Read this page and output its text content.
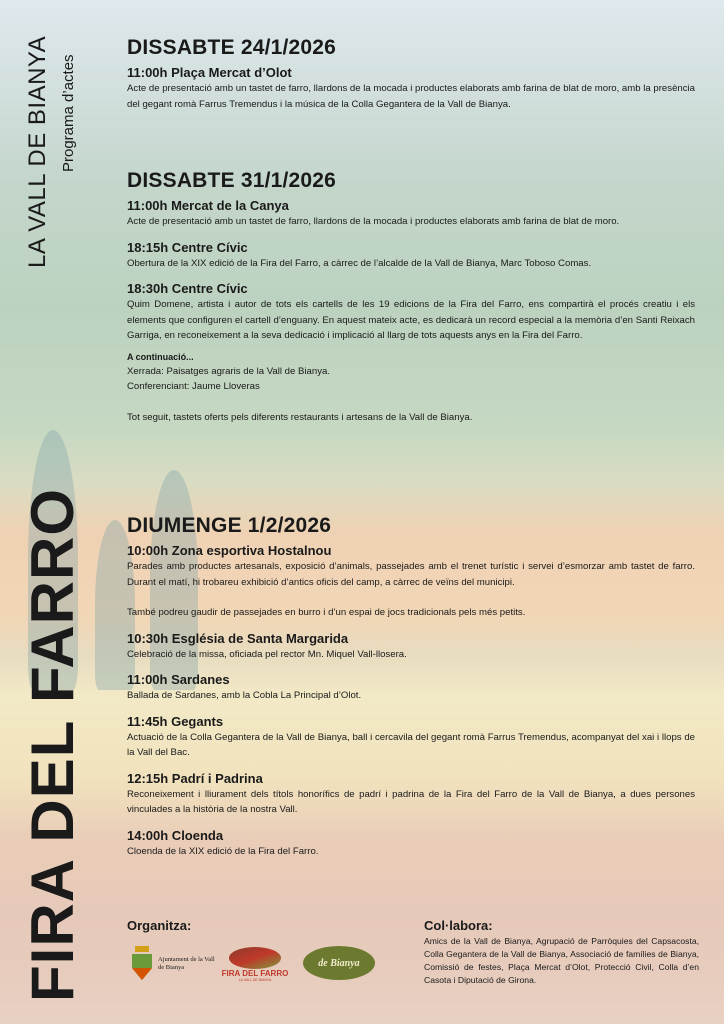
LA VALL DE BIANYA Programa d’actes
FIRA DEL FARRO
DISSABTE 24/1/2026
11:00h Plaça Mercat d’Olot
Acte de presentació amb un tastet de farro, llardons de la mocada i productes elaborats amb farina de blat de moro, amb la presència del gegant romà Farrus Tremendus i la música de la Colla Gegantera de la Vall de Bianya.
DISSABTE 31/1/2026
11:00h Mercat de la Canya
Acte de presentació amb un tastet de farro, llardons de la mocada i productes elaborats amb farina de blat de moro.
18:15h Centre Cívic
Obertura de la XIX edició de la Fira del Farro, a càrrec de l’alcalde de la Vall de Bianya, Marc Toboso Comas.
18:30h Centre Cívic
Quim Domene, artista i autor de tots els cartells de les 19 edicions de la Fira del Farro, ens compartirà el procés creatiu i els elements que configuren el cartell d’enguany. En aquest mateix acte, es dedicarà un record especial a la memòria d’en Santi Reixach Garriga, en reconeixement a la seva dedicació i implicació al llarg de tots aquests anys en la Fira del Farro.
A continuació...
Xerrada: Paisatges agraris de la Vall de Bianya.
Conferenciant: Jaume Lloveras
Tot seguit, tastets oferts pels diferents restaurants i artesans de la Vall de Bianya.
DIUMENGE 1/2/2026
10:00h Zona esportiva Hostalnou
Parades amb productes artesanals, exposició d’animals, passejades amb el trenet turístic i servei d’esmorzar amb tastet de farro. Durant el matí, hi trobareu exhibició d’antics oficis del camp, a càrrec de veïns del municipi.
També podreu gaudir de passejades en burro i d’un espai de jocs tradicionals pels més petits.
10:30h Església de Santa Margarida
Celebració de la missa, oficiada pel rector Mn. Miquel Vall-llosera.
11:00h Sardanes
Ballada de Sardanes, amb la Cobla La Principal d’Olot.
11:45h Gegants
Actuació de la Colla Gegantera de la Vall de Bianya, ball i cercavila del gegant romà Farrus Tremendus, acompanyat del xai i llops de la Vall del Bac.
12:15h Padrí i Padrina
Reconeixement i lliurament dels títols honorífics de padrí i padrina de la Fira del Farro de la Vall de Bianya, a dues persones vinculades a la història de la nostra Vall.
14:00h Cloenda
Cloenda de la XIX edició de la Fira del Farro.
Organitza:
Ajuntament de la Vall de Bianya
FIRA DEL FARRO
LA VALL DE BIANYA
de Bianya
Col·labora:
Amics de la Vall de Bianya, Agrupació de Parròquies del Capsacosta, Colla Gegantera de la Vall de Bianya, Associació de famílies de Bianya, Comissió de festes, Plaça Mercat d’Olot, Protecció Civil, Colla d’en Casota i Diputació de Girona.
